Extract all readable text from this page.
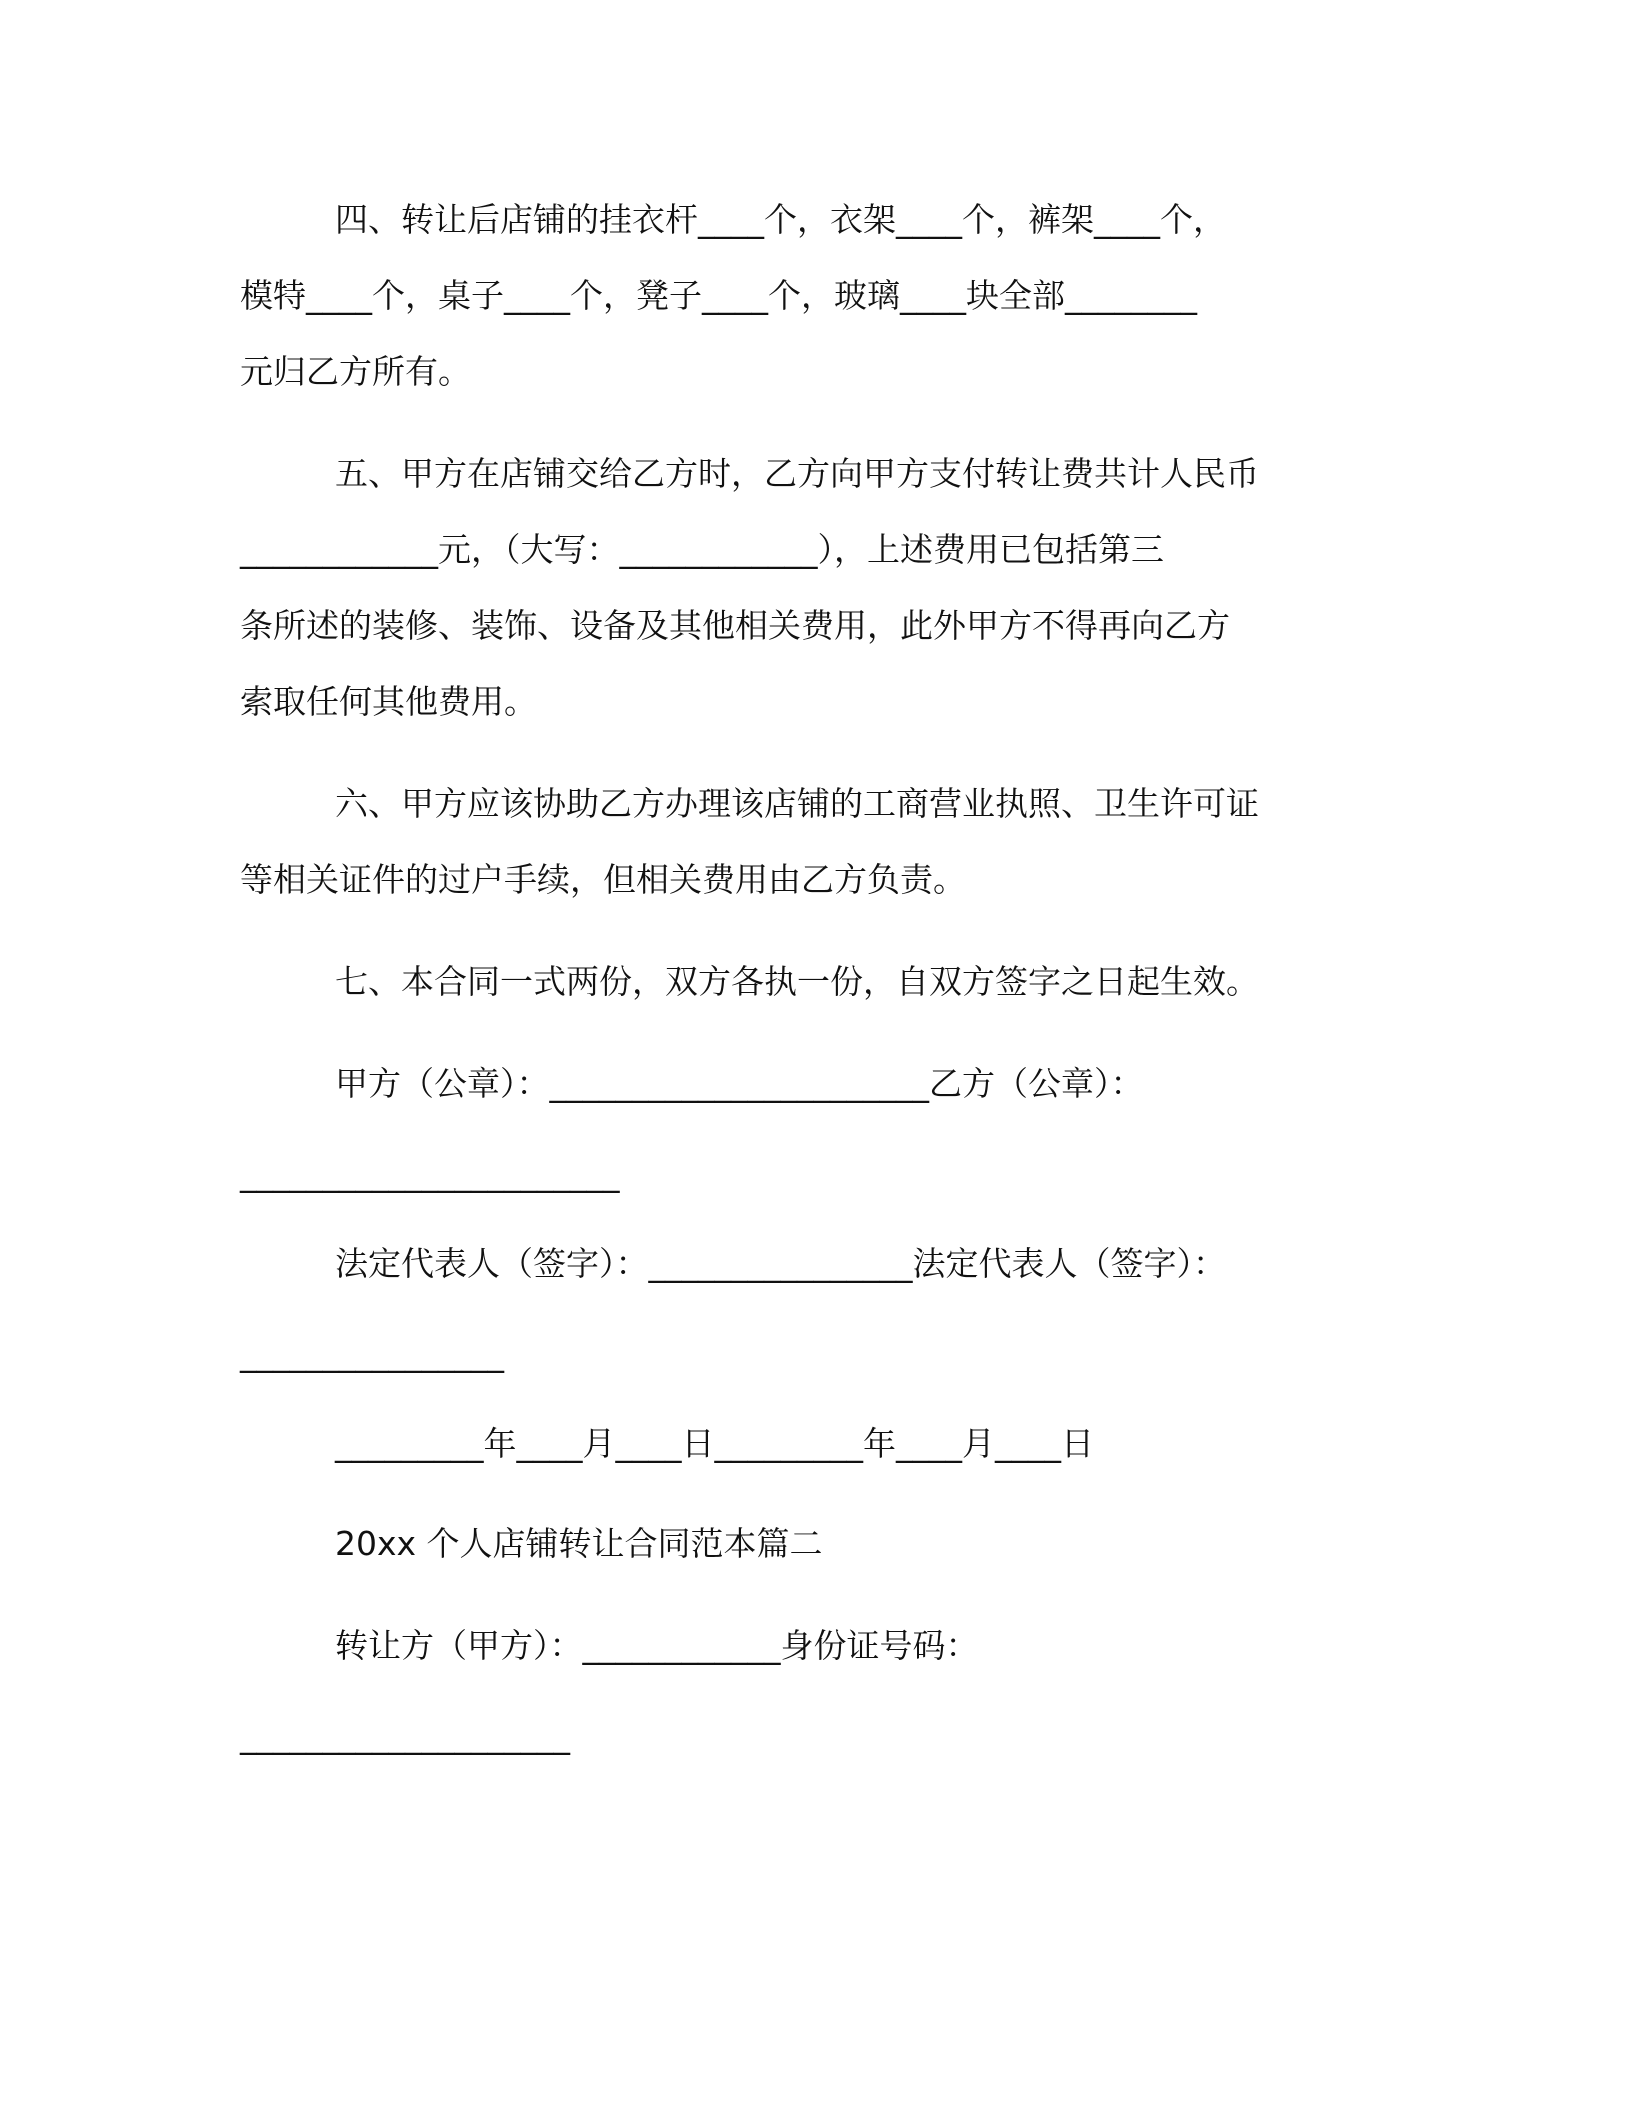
四、转让后店铺的挂衣杆____个，衣架____个，裤架____个，

模特____个，桌子____个，凳子____个，玻璃____块全部________

元归乙方所有。

五、甲方在店铺交给乙方时，乙方向甲方支付转让费共计人民币

____________元，（大写：____________），上述费用已包括第三

条所述的装修、装饰、设备及其他相关费用，此外甲方不得再向乙方

索取任何其他费用。

六、甲方应该协助乙方办理该店铺的工商营业执照、卫生许可证

等相关证件的过户手续，但相关费用由乙方负责。

七、本合同一式两份，双方各执一份，自双方签字之日起生效。

甲方（公章）：_______________________乙方（公章）：

_______________________

法定代表人（签字）：________________法定代表人（签字）：

________________

_________年____月____日_________年____月____日

20xx 个人店铺转让合同范本篇二

转让方（甲方）：____________身份证号码：

____________________
